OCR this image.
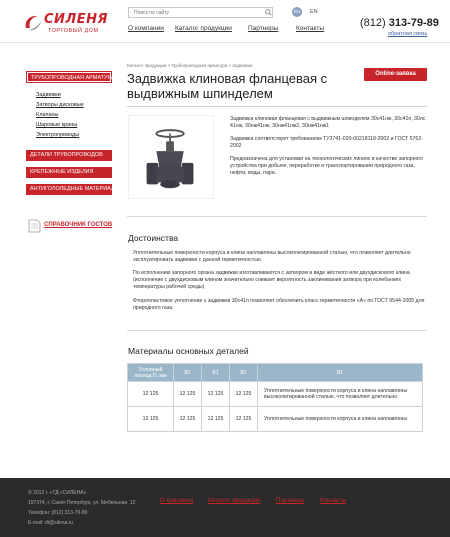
СИЛЕНЯ
ТОРГОВЫЙ ДОМ
Поиск по сайту
RU	EN
О компании Каталог продукции Партнеры	Контакты	(812) 313-79-89
обратная связь
ТРУБОПРОВОДНАЯ АРМАТУРА
Задвижки
Затворы дисковые
Клапаны
Шаровые краны
Электроприводы
ДЕТАЛИ ТРУБОПРОВОДОВ
КРЕПЕЖНЫЕ ИЗДЕЛИЯ
АНТИГОЛОЛЕДНЫЕ МАТЕРИАЛЫ
СПРАВОЧНИК ГОСТОВ
Каталог продукции > Трубопроводная арматура > Задвижки
Задвижка клиновая фланцевая с выдвижным шпинделем
Online-заявка

Задвижка клиновая фланцевая с выдвижным шпинделем 30с41нж, 30с41п, 30лс 41нж, 30нж41нж, 30нж41нж2, 30нж41нж1

Задвижка соответствует требованиям ТУ3741-020-00218118-2002 и ГОСТ 5762-2002

Предназначена для установки на технологических линиях в качестве запорного устройства при добыче, переработке и транспортировании природного газа, нефти, воды, пара.

Достоинства
Уплотнительные поверхности корпуса и клина наплавлены высоколегированной сталью, что позволяет длительно эксплуатировать задвижки с данной герметичностью
По исполнению запорного органа задвижки изготавливаются с затвором в виде жёсткого или двухдискового клина (исполнение с двухдисковым клином значительно снижает вероятность заклинивания затвора при колебаниях температуры рабочей среды)
Фторопластовое уплотнение у задвижки 30с41п позволяет обеспечить класс герметичности «А» по ГОСТ 9544-2005 для природного газа.
Материалы основных деталей
Условный проход D, мм	В1	В1	В1	В1
12 125	12 125	12 125	12 125	Уплотнительные поверхности корпуса и клина наплавлены высоколегированной сталью, что позволяет длительно
12 125	12 125	12 125	12 125	Уплотнительные поверхности корпуса и клина наплавлены
© 2012 г. «ТД «СИЛЕНА»
197374, г. Санкт-Петербург, ул. Мебельная, 12
Телефон: (812) 313-79-89
E-mail: dt@silena.ru
О компании Каталог продукции	Партнеры	Контакты
